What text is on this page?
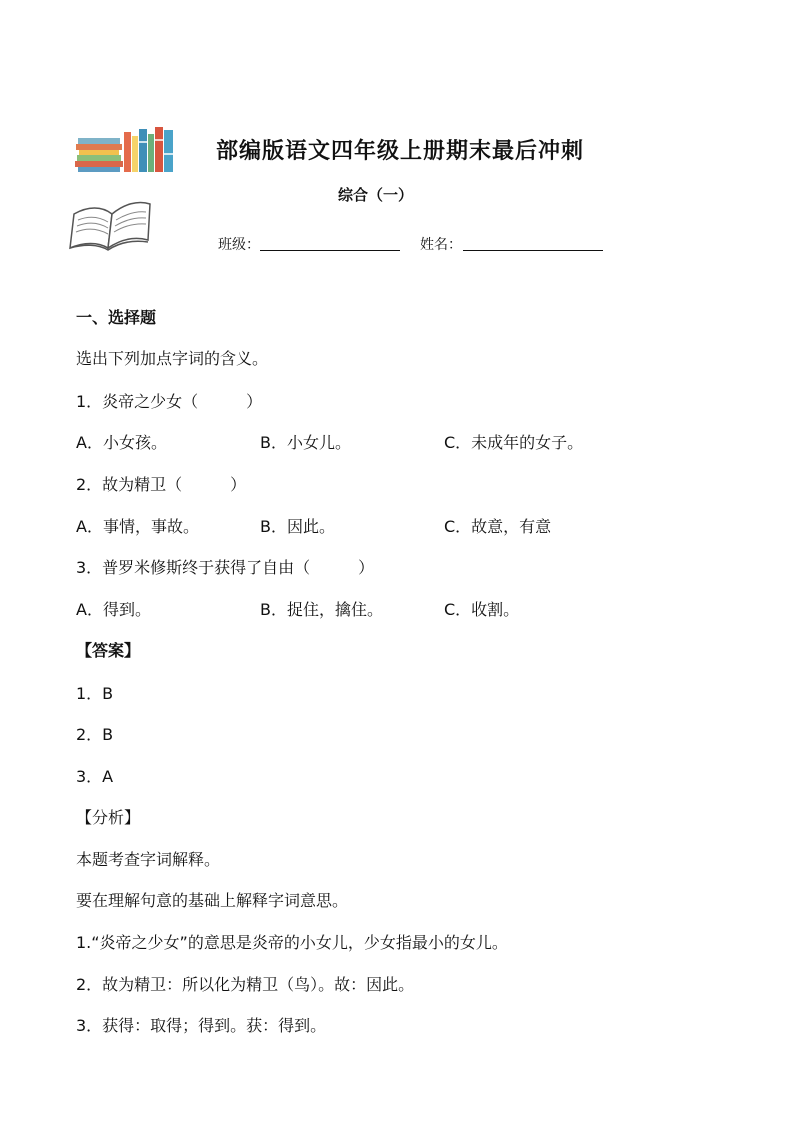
部编版语文四年级上册期末最后冲刺
综合（一）
班级：	姓名：
一、选择题
选出下列加点字词的含义。
1．炎帝之少女（　　　）
A．小女孩。	B．小女儿。	C．未成年的女子。
2．故为精卫（　　　）
A．事情，事故。	B．因此。	C．故意，有意
3．普罗米修斯终于获得了自由（　　　）
A．得到。	B．捉住，擒住。	C．收割。
【答案】
1．B
2．B
3．A
【分析】
本题考查字词解释。
要在理解句意的基础上解释字词意思。
1.“炎帝之少女”的意思是炎帝的小女儿，少女指最小的女儿。
2．故为精卫：所以化为精卫（鸟）。故：因此。
3．获得：取得；得到。获：得到。
